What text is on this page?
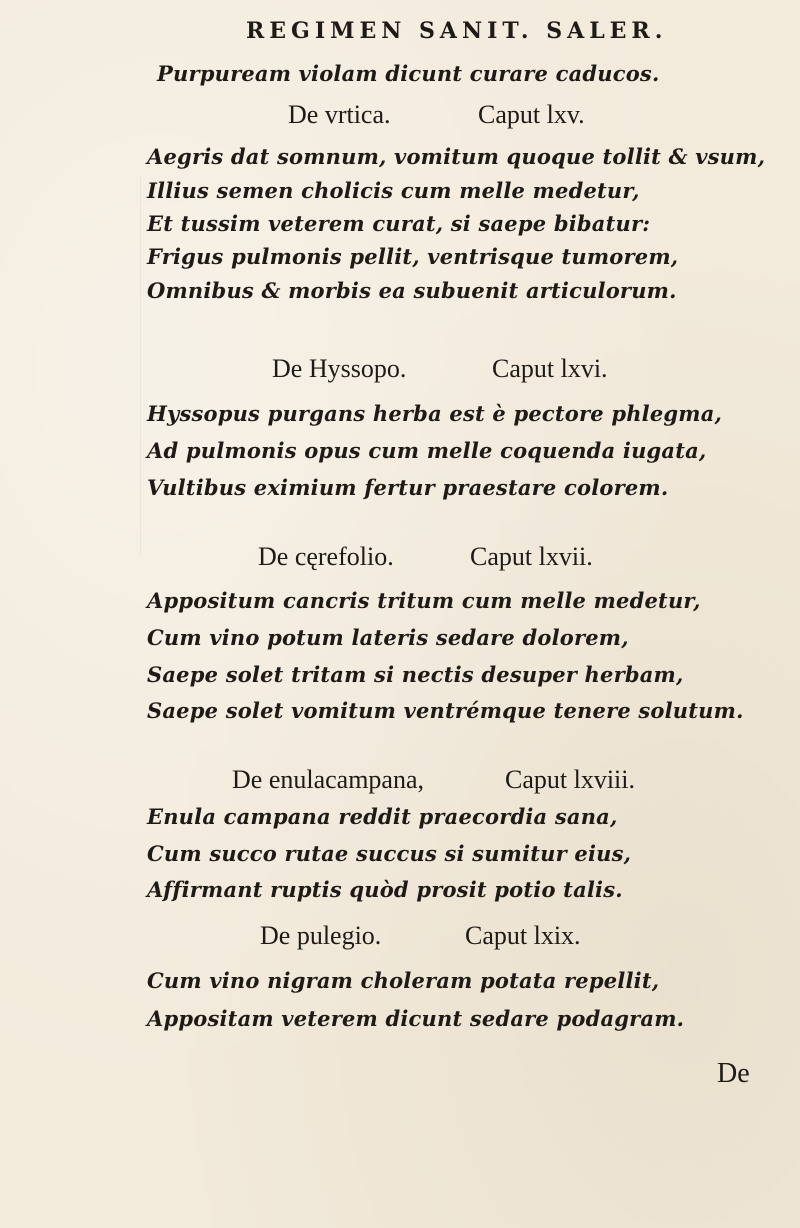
REGIMEN SANIT. SALER.
Purpuream violam dicunt curare caducos.
De vrtica.	Caput lxv.
Aegris dat somnum, vomitum quoque tollit & vsum,
Illius semen cholicis cum melle medetur,
Et tussim veterem curat, si saepe bibatur:
Frigus pulmonis pellit, ventrisque tumorem,
Omnibus & morbis ea subuenit articulorum.
De Hyssopo.	Caput lxvi.
Hyssopus purgans herba est è pectore phlegma,
Ad pulmonis opus cum melle coquenda iugata,
Vultibus eximium fertur praestare colorem.
De cęrefolio.	Caput lxvii.
Appositum cancris tritum cum melle medetur,
Cum vino potum lateris sedare dolorem,
Saepe solet tritam si nectis desuper herbam,
Saepe solet vomitum ventrémque tenere solutum.
De enulacampana,	Caput lxviii.
Enula campana reddit praecordia sana,
Cum succo rutae succus si sumitur eius,
Affirmant ruptis quòd prosit potio talis.
De pulegio.	Caput lxix.
Cum vino nigram choleram potata repellit,
Appositam veterem dicunt sedare podagram.
De
